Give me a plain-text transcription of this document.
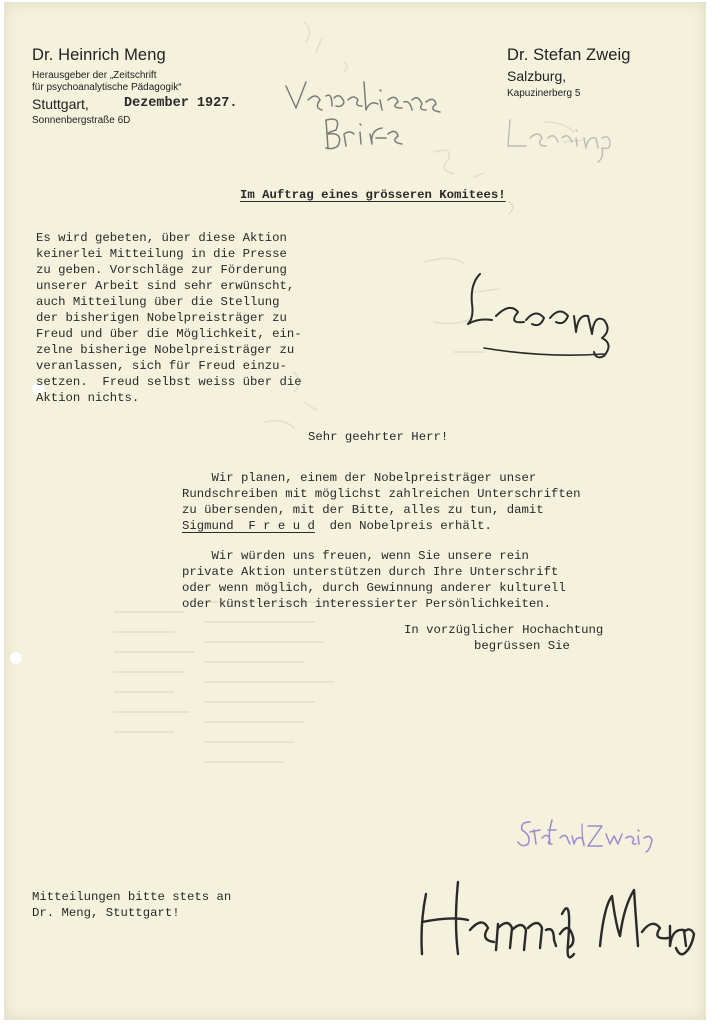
Dr. Heinrich Meng
Herausgeber der „Zeitschrift
für psychoanalytische Pädagogik“
Stuttgart,	Dezember 1927.
Sonnenbergstraße 6D
Dr. Stefan Zweig
Salzburg,
Kapuzinerberg 5
Im Auftrag eines grösseren Komitees!
Es wird gebeten, über diese Aktion
keinerlei Mitteilung in die Presse
zu geben. Vorschläge zur Förderung
unserer Arbeit sind sehr erwünscht,
auch Mitteilung über die Stellung
der bisherigen Nobelpreisträger zu
Freud und über die Möglichkeit, ein-
zelne bisherige Nobelpreisträger zu
veranlassen, sich für Freud einzu-
setzen.  Freud selbst weiss über die
Aktion nichts.
Sehr geehrter Herr!
Wir planen, einem der Nobelpreisträger unser
Rundschreiben mit möglichst zahlreichen Unterschriften
zu übersenden, mit der Bitte, alles zu tun, damit
Sigmund  F r e u d  den Nobelpreis erhält.
Wir würden uns freuen, wenn Sie unsere rein
private Aktion unterstützen durch Ihre Unterschrift
oder wenn möglich, durch Gewinnung anderer kulturell
oder künstlerisch interessierter Persönlichkeiten.
In vorzüglicher Hochachtung
begrüssen Sie
Mitteilungen bitte stets an
Dr. Meng, Stuttgart!
